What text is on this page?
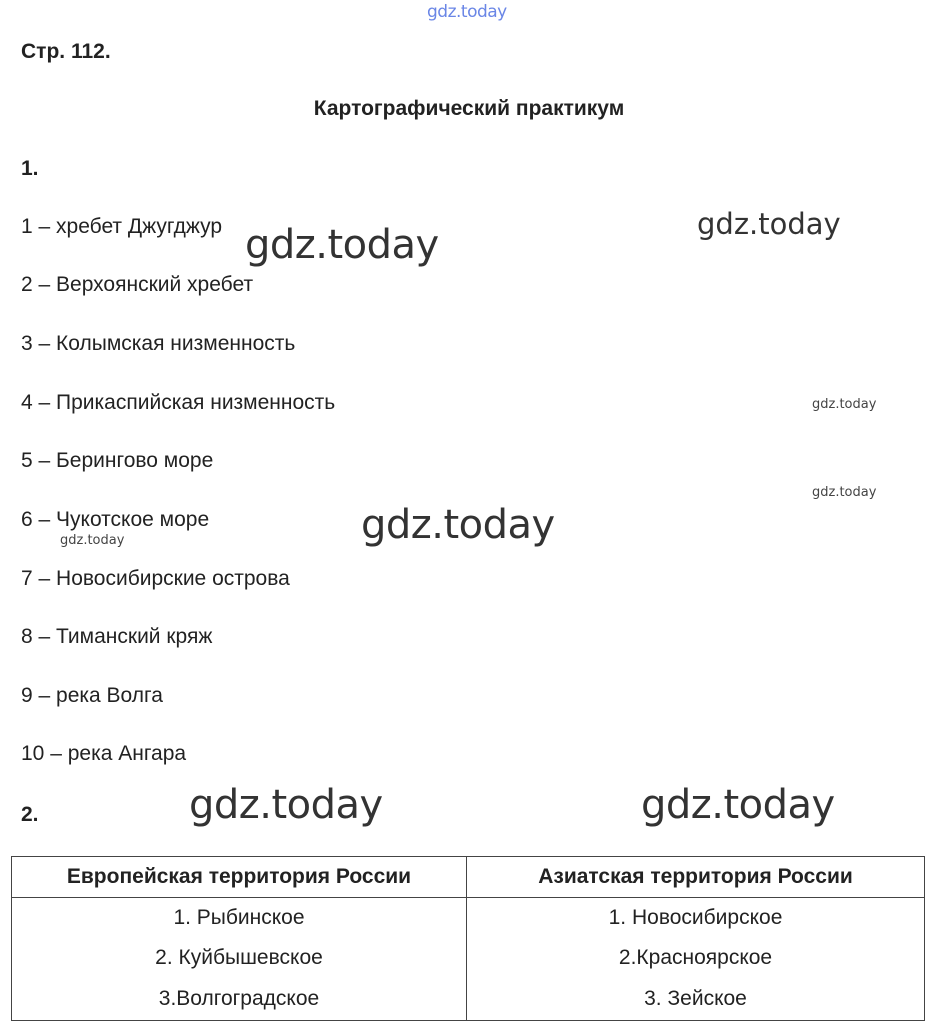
gdz.today
Стр. 112.
Картографический практикум
1.
1 – хребет Джугджур
2 – Верхоянский хребет
3 – Колымская низменность
4 – Прикаспийская низменность
5 – Берингово море
6 – Чукотское море
7 – Новосибирские острова
8 – Тиманский кряж
9 – река Волга
10 – река Ангара
2.
Европейская территория России	Азиатская территория России
1. Рыбинское	1. Новосибирское
2. Куйбышевское	2.Красноярское
3.Волгоградское	3. Зейское
gdz.today	gdz.today
gdz.today
gdz.today
gdz.today
gdz.today
gdz.today	gdz.today
